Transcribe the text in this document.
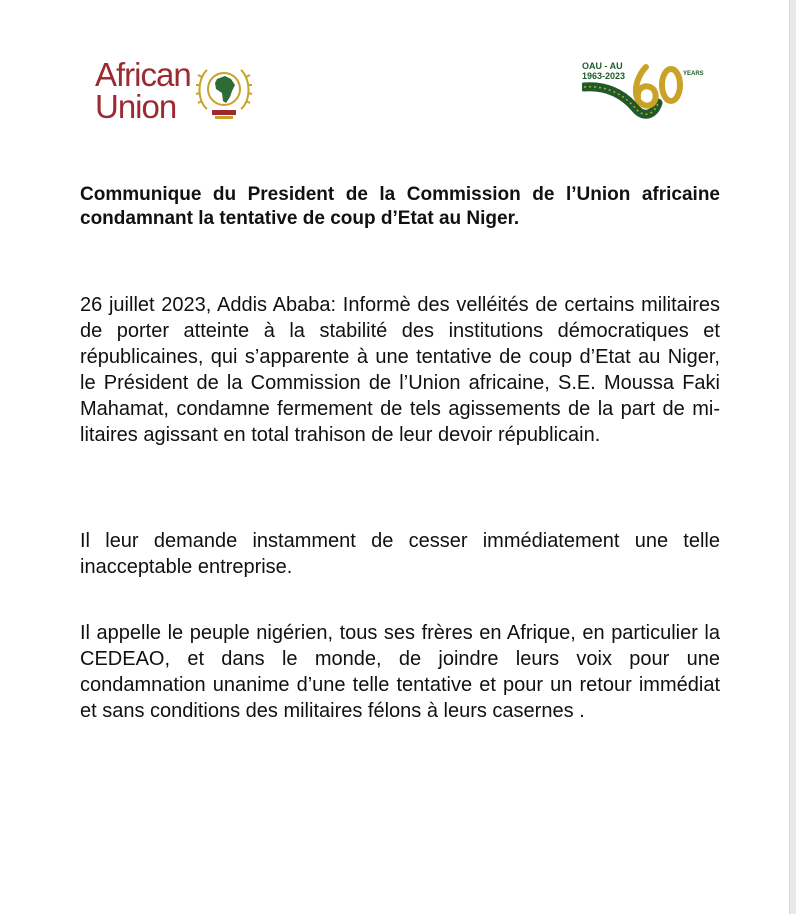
African
Union
OAU - AU
1963-2023	YEARS
Communique du President de la Commission de l’Union africaine condamnant la tentative de coup d’Etat au Niger.

26 juillet 2023, Addis Ababa: Informè des velléités de certains militaires de porter atteinte à la stabilité des institutions démocratiques et républicaines, qui s’apparente à une tentative de coup d’Etat au Niger, le Président de la Commission de l’Union africaine, S.E. Moussa Faki Mahamat, condamne fermement de tels agissements de la part de militaires agissant en total trahison de leur devoir républicain.

Il leur demande instamment de cesser immédiatement une telle inacceptable entreprise.

Il appelle le peuple nigérien, tous ses frères en Afrique, en particulier la CEDEAO, et dans le monde, de joindre leurs voix pour une condamnation unanime d’une telle tentative et pour un retour immédiat et sans conditions des militaires félons à leurs casernes .
